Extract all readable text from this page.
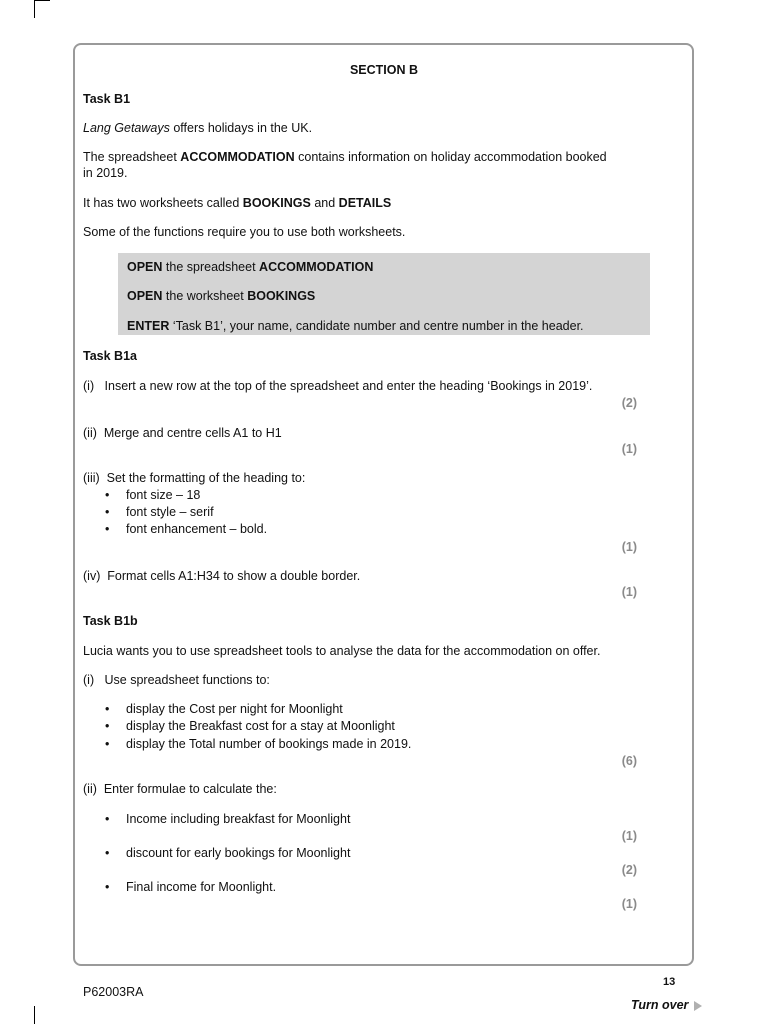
SECTION B

Task B1

Lang Getaways offers holidays in the UK.

The spreadsheet ACCOMMODATION contains information on holiday accommodation booked

in 2019.

It has two worksheets called BOOKINGS and DETAILS

Some of the functions require you to use both worksheets.

OPEN the spreadsheet ACCOMMODATION

OPEN the worksheet BOOKINGS

ENTER ‘Task B1’, your name, candidate number and centre number in the header.

Task B1a

(i)   Insert a new row at the top of the spreadsheet and enter the heading ‘Bookings in 2019’.

(2)

(ii)  Merge and centre cells A1 to H1

(1)

(iii)  Set the formatting of the heading to:

• font size – 18

• font style – serif

• font enhancement – bold.

(1)

(iv)  Format cells A1:H34 to show a double border.

(1)

Task B1b

Lucia wants you to use spreadsheet tools to analyse the data for the accommodation on offer.

(i)   Use spreadsheet functions to:

• display the Cost per night for Moonlight

• display the Breakfast cost for a stay at Moonlight

• display the Total number of bookings made in 2019.

(6)

(ii)  Enter formulae to calculate the:

• Income including breakfast for Moonlight

(1)

• discount for early bookings for Moonlight

(2)

• Final income for Moonlight.

(1)

13

P62003RA

Turn over
